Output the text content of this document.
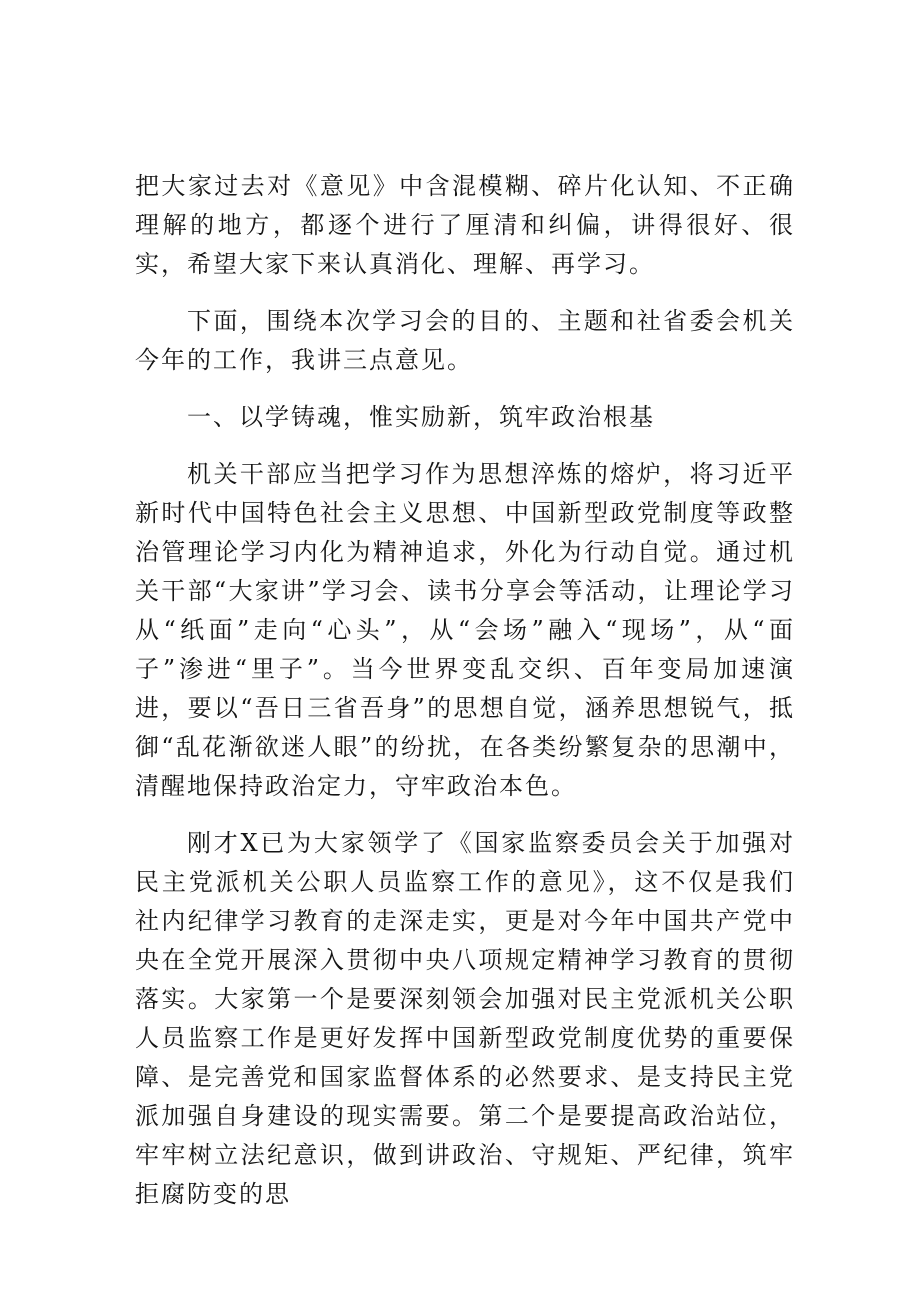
把大家过去对《意见》中含混模糊、碎片化认知、不正确理解的地方，都逐个进行了厘清和纠偏，讲得很好、很实，希望大家下来认真消化、理解、再学习。

下面，围绕本次学习会的目的、主题和社省委会机关今年的工作，我讲三点意见。

一、以学铸魂，惟实励新，筑牢政治根基

机关干部应当把学习作为思想淬炼的熔炉，将习近平新时代中国特色社会主义思想、中国新型政党制度等政整治管理论学习内化为精神追求，外化为行动自觉。通过机关干部“大家讲”学习会、读书分享会等活动，让理论学习从“纸面”走向“心头”，从“会场”融入“现场”，从“面子”渗进“里子”。当今世界变乱交织、百年变局加速演进，要以“吾日三省吾身”的思想自觉，涵养思想锐气，抵御“乱花渐欲迷人眼”的纷扰，在各类纷繁复杂的思潮中，清醒地保持政治定力，守牢政治本色。

刚才X已为大家领学了《国家监察委员会关于加强对民主党派机关公职人员监察工作的意见》，这不仅是我们社内纪律学习教育的走深走实，更是对今年中国共产党中央在全党开展深入贯彻中央八项规定精神学习教育的贯彻落实。大家第一个是要深刻领会加强对民主党派机关公职人员监察工作是更好发挥中国新型政党制度优势的重要保障、是完善党和国家监督体系的必然要求、是支持民主党派加强自身建设的现实需要。第二个是要提高政治站位，牢牢树立法纪意识，做到讲政治、守规矩、严纪律，筑牢拒腐防变的思
